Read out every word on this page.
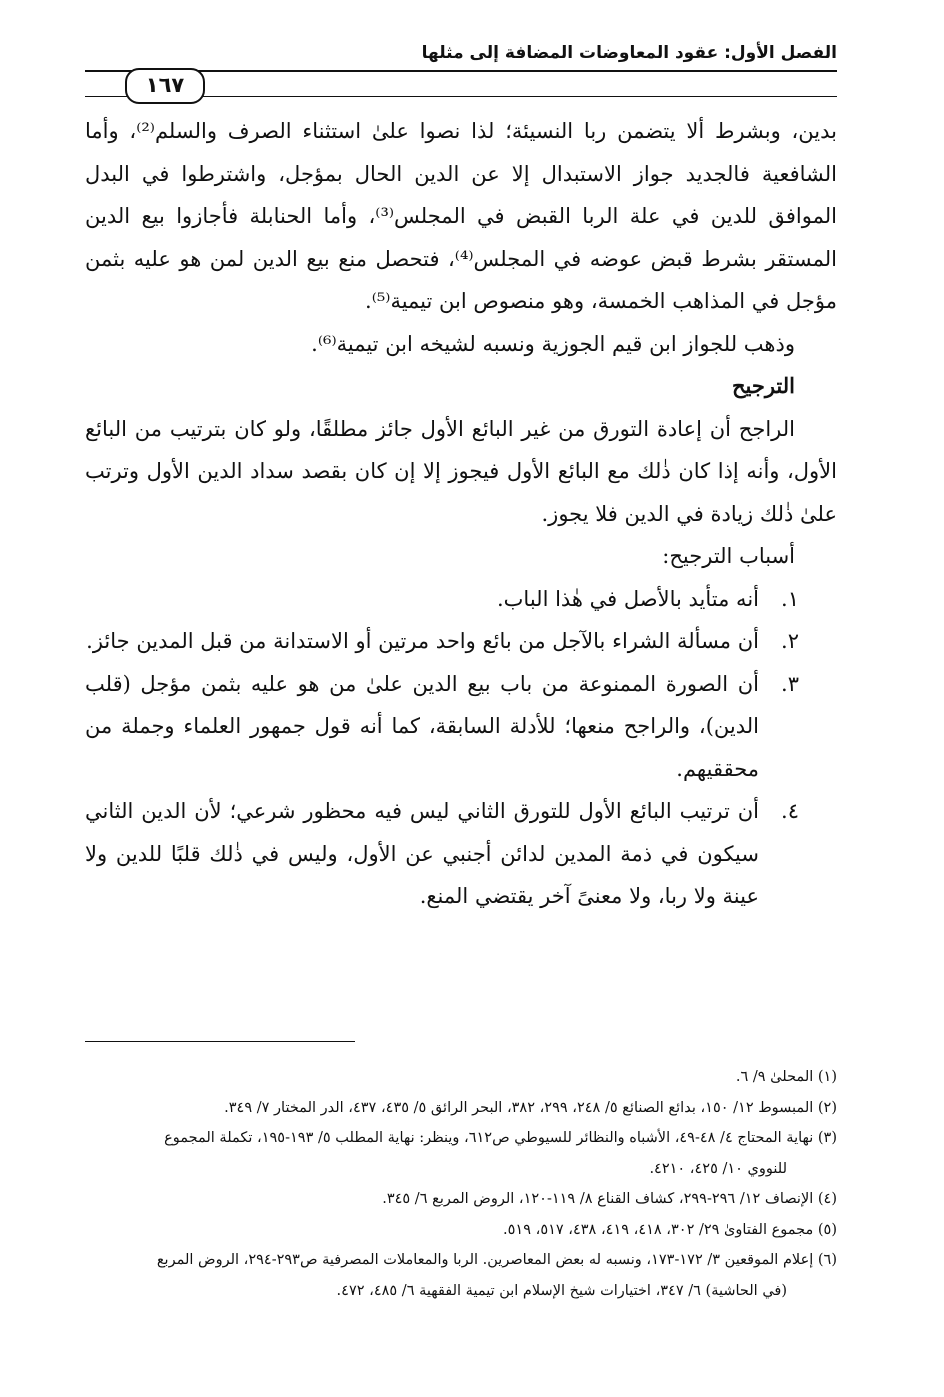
الفصل الأول: عقود المعاوضات المضافة إلى مثلها
١٦٧

بدين، وبشرط ألا يتضمن ربا النسيئة؛ لذا نصوا علىٰ استثناء الصرف والسلم⁽²⁾، وأما الشافعية فالجديد جواز الاستبدال إلا عن الدين الحال بمؤجل، واشترطوا في البدل الموافق للدين في علة الربا القبض في المجلس⁽³⁾، وأما الحنابلة فأجازوا بيع الدين المستقر بشرط قبض عوضه في المجلس⁽⁴⁾، فتحصل منع بيع الدين لمن هو عليه بثمن مؤجل في المذاهب الخمسة، وهو منصوص ابن تيمية⁽⁵⁾.

وذهب للجواز ابن قيم الجوزية ونسبه لشيخه ابن تيمية⁽⁶⁾.

الترجيح

الراجح أن إعادة التورق من غير البائع الأول جائز مطلقًا، ولو كان بترتيب من البائع الأول، وأنه إذا كان ذٰلك مع البائع الأول فيجوز إلا إن كان بقصد سداد الدين الأول وترتب علىٰ ذٰلك زيادة في الدين فلا يجوز.

أسباب الترجيح:

١.
أنه متأيد بالأصل في هٰذا الباب.
٢.
أن مسألة الشراء بالآجل من بائع واحد مرتين أو الاستدانة من قبل المدين جائز.
٣.
أن الصورة الممنوعة من باب بيع الدين علىٰ من هو عليه بثمن مؤجل (قلب الدين)، والراجح منعها؛ للأدلة السابقة، كما أنه قول جمهور العلماء وجملة من محققيهم.
٤.
أن ترتيب البائع الأول للتورق الثاني ليس فيه محظور شرعي؛ لأن الدين الثاني سيكون في ذمة المدين لدائن أجنبي عن الأول، وليس في ذٰلك قلبًا للدين ولا عينة ولا ربا، ولا معنىً آخر يقتضي المنع.

(١) المحلىٰ ٩/ ٦.

(٢) المبسوط ١٢/ ١٥٠، بدائع الصنائع ٥/ ٢٤٨، ٢٩٩، ٣٨٢، البحر الرائق ٥/ ٤٣٥، ٤٣٧، الدر المختار ٧/ ٣٤٩.

(٣) نهاية المحتاج ٤/ ٤٨-٤٩، الأشباه والنظائر للسيوطي ص٦١٢، وينظر: نهاية المطلب ٥/ ١٩٣-١٩٥، تكملة المجموع

للنووي ١٠/ ٤٢٥، ٤٢١٠.

(٤) الإنصاف ١٢/ ٢٩٦-٢٩٩، كشاف القناع ٨/ ١١٩-١٢٠، الروض المربع ٦/ ٣٤٥.

(٥) مجموع الفتاوىٰ ٢٩/ ٣٠٢، ٤١٨، ٤١٩، ٤٣٨، ٥١٧، ٥١٩.

(٦) إعلام الموقعين ٣/ ١٧٢-١٧٣، ونسبه له بعض المعاصرين. الربا والمعاملات المصرفية ص٢٩٣-٢٩٤، الروض المربع

(في الحاشية) ٦/ ٣٤٧، اختيارات شيخ الإسلام ابن تيمية الفقهية ٦/ ٤٨٥، ٤٧٢.
